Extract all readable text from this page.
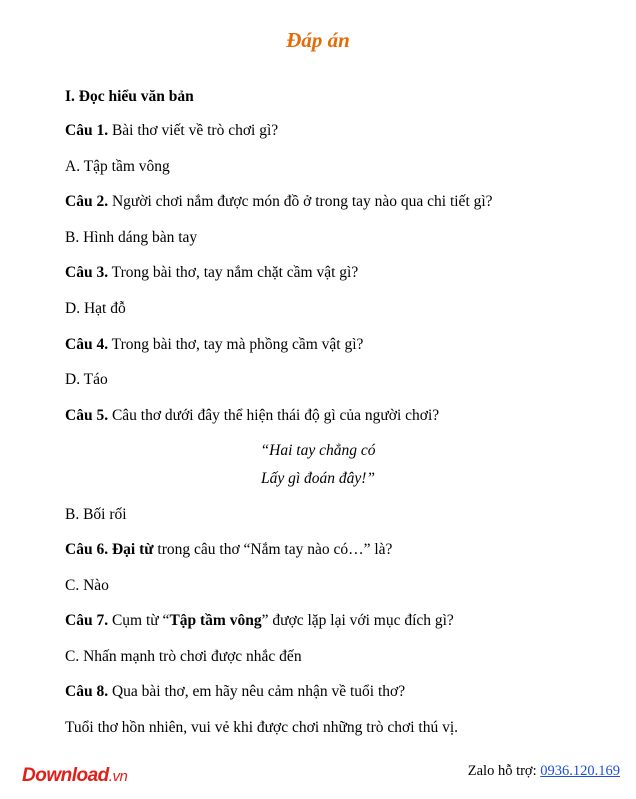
Đáp án
I. Đọc hiểu văn bản
Câu 1. Bài thơ viết về trò chơi gì?
A. Tập tầm vông
Câu 2. Người chơi nắm được món đồ ở trong tay nào qua chi tiết gì?
B. Hình dáng bàn tay
Câu 3. Trong bài thơ, tay nắm chặt cầm vật gì?
D. Hạt đỗ
Câu 4. Trong bài thơ, tay mà phồng cầm vật gì?
D. Táo
Câu 5. Câu thơ dưới đây thể hiện thái độ gì của người chơi?
“Hai tay chẳng có
Lấy gì đoán đây!”
B. Bối rối
Câu 6. Đại từ trong câu thơ “Nắm tay nào có…” là?
C. Nào
Câu 7. Cụm từ “Tập tầm vông” được lặp lại với mục đích gì?
C. Nhấn mạnh trò chơi được nhắc đến
Câu 8. Qua bài thơ, em hãy nêu cảm nhận về tuổi thơ?
Tuổi thơ hồn nhiên, vui vẻ khi được chơi những trò chơi thú vị.
Download.vn	Zalo hỗ trợ: 0936.120.169
